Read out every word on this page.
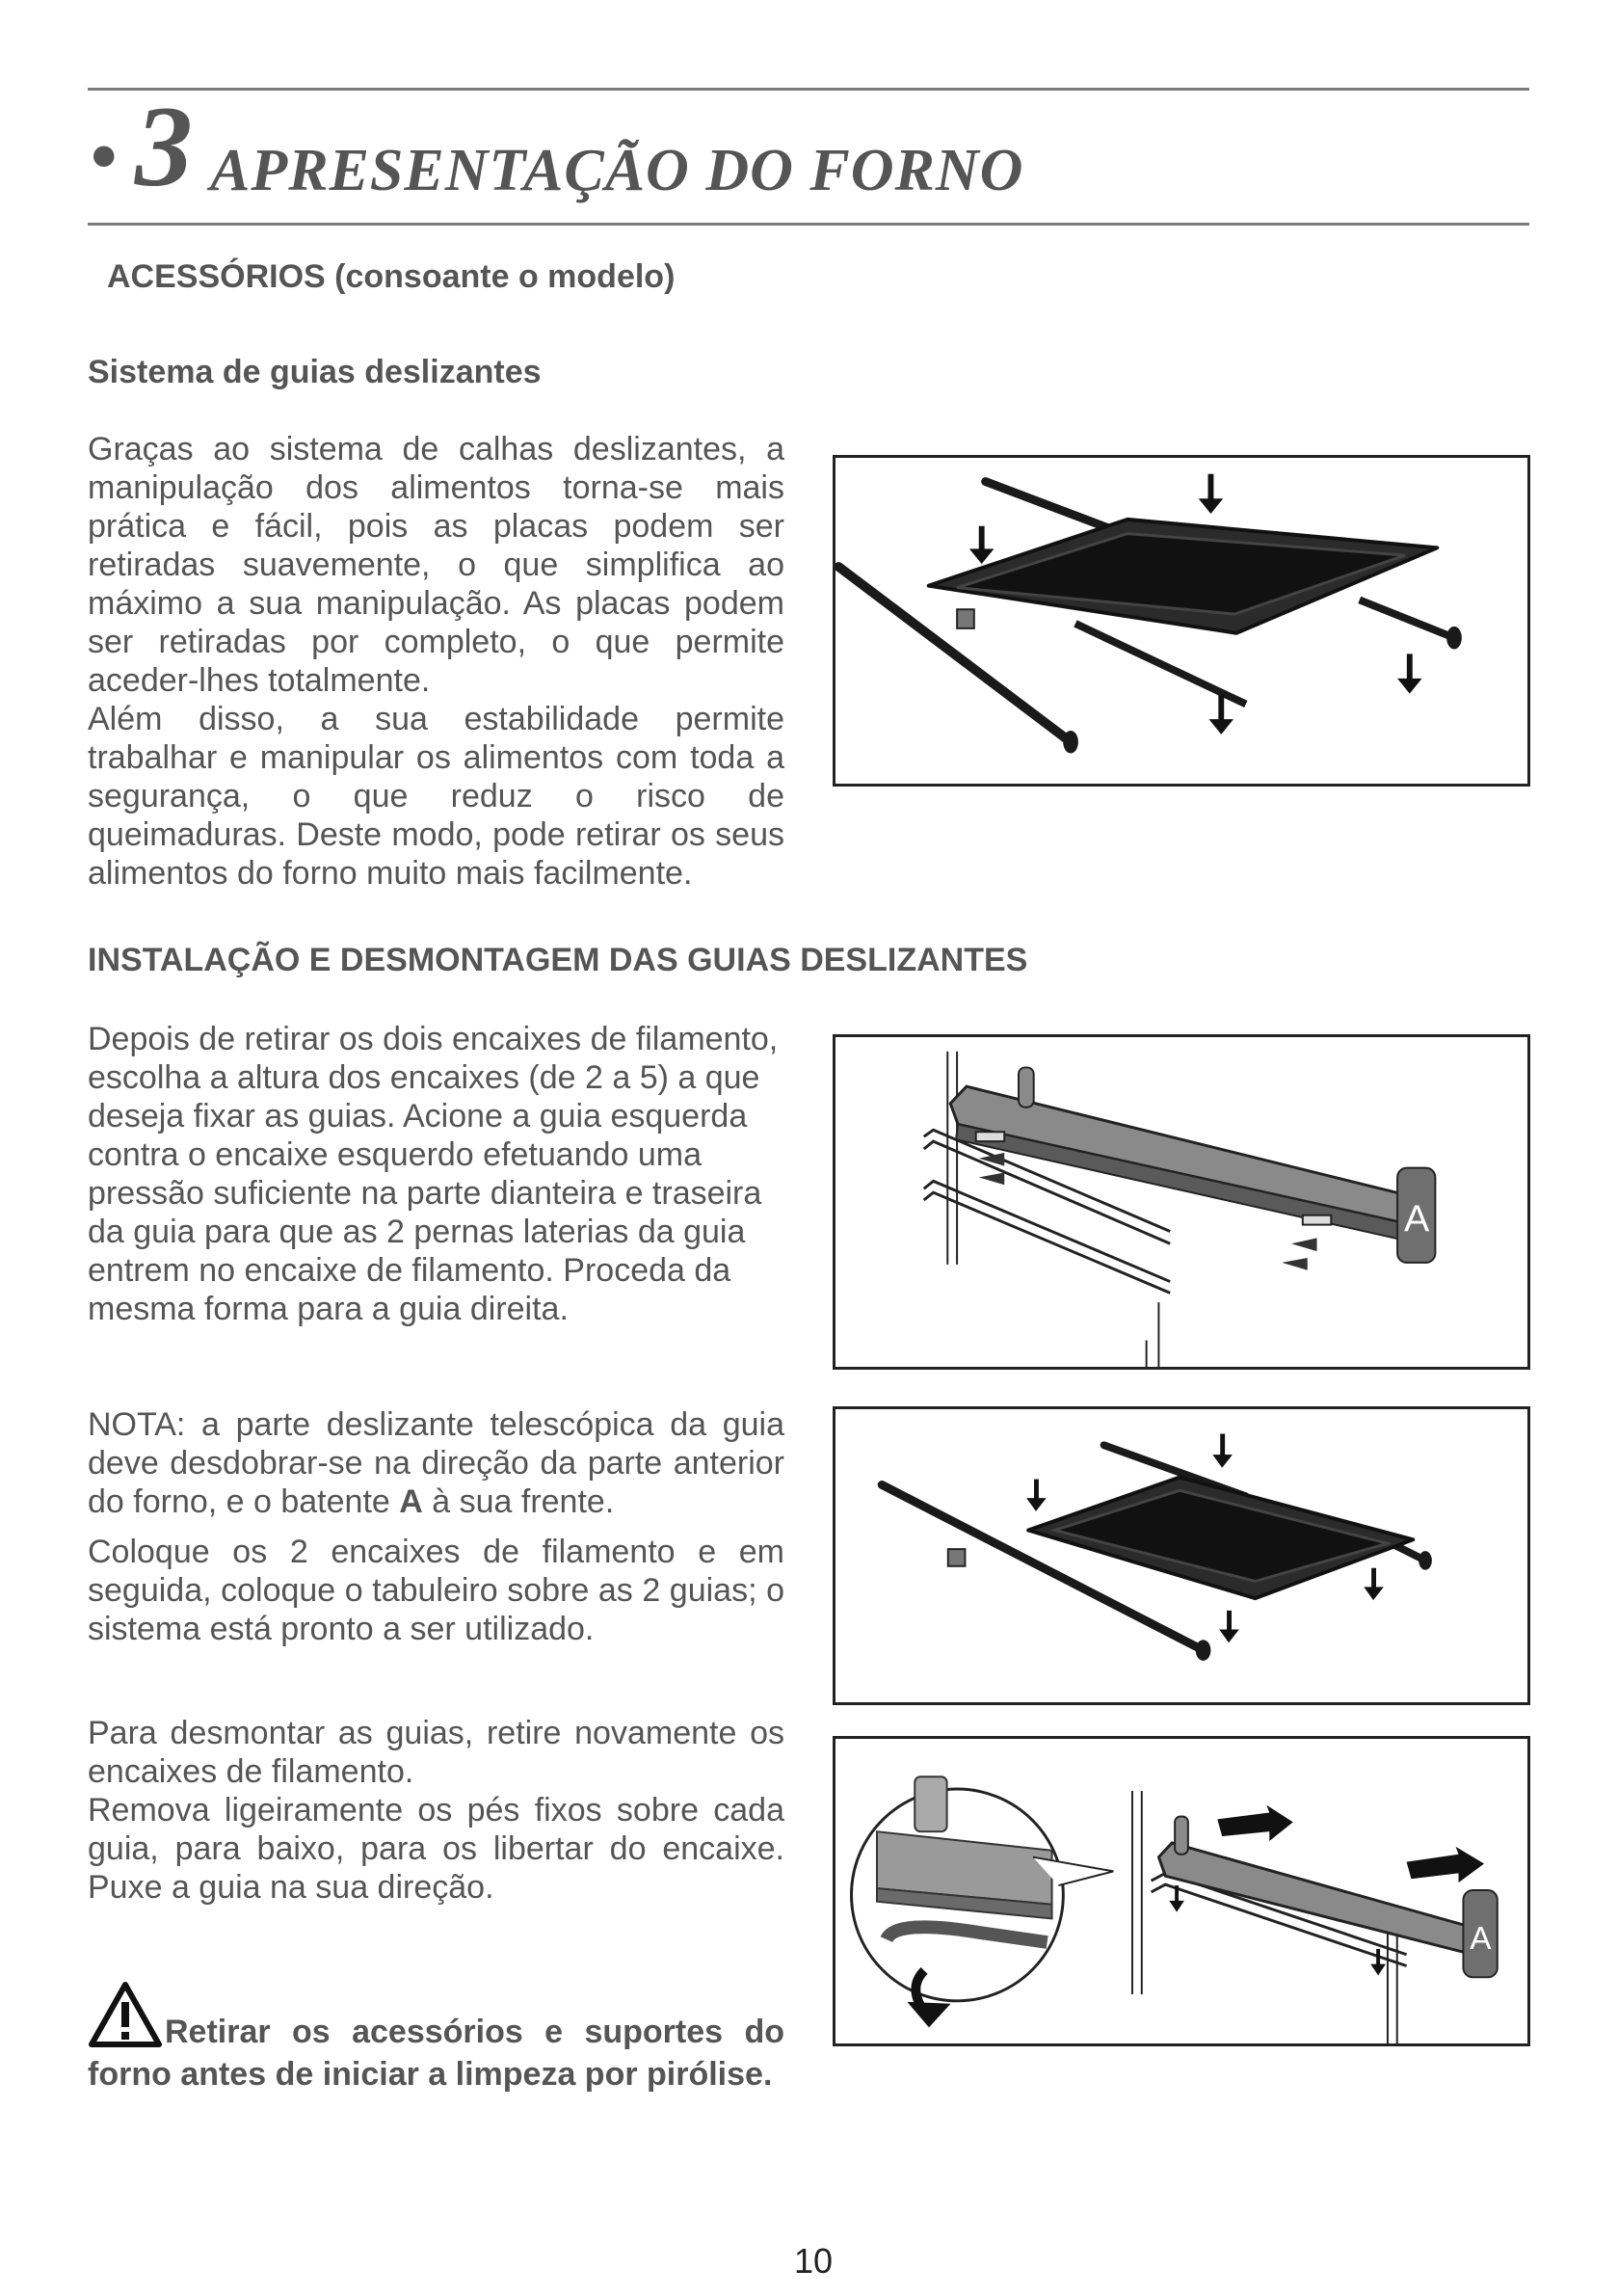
• 3 APRESENTAÇÃO DO FORNO
ACESSÓRIOS (consoante o modelo)
Sistema de guias deslizantes

Graças ao sistema de calhas deslizantes, a manipulação dos alimentos torna-se mais prática e fácil, pois as placas podem ser retiradas suavemente, o que simplifica ao máximo a sua manipulação. As placas podem ser retiradas por completo, o que permite aceder-lhes totalmente.

Além disso, a sua estabilidade permite trabalhar e manipular os alimentos com toda a segurança, o que reduz o risco de queimaduras. Deste modo, pode retirar os seus alimentos do forno muito mais facilmente.

INSTALAÇÃO E DESMONTAGEM DAS GUIAS DESLIZANTES

Depois de retirar os dois encaixes de filamento, escolha a altura dos encaixes (de 2 a 5) a que deseja fixar as guias. Acione a guia esquerda contra o encaixe esquerdo efetuando uma pressão suficiente na parte dianteira e traseira da guia para que as 2 pernas laterias da guia entrem no encaixe de filamento. Proceda da mesma forma para a guia direita.

NOTA: a parte deslizante telescópica da guia deve desdobrar-se na direção da parte anterior do forno, e o batente A à sua frente.

Coloque os 2 encaixes de filamento e em seguida, coloque o tabuleiro sobre as 2 guias; o sistema está pronto a ser utilizado.

Para desmontar as guias, retire novamente os encaixes de filamento.

Remova ligeiramente os pés fixos sobre cada guia, para baixo, para os libertar do encaixe. Puxe a guia na sua direção.

A
A

Retirar os acessórios e suportes do forno antes de iniciar a limpeza por pirólise.

10
